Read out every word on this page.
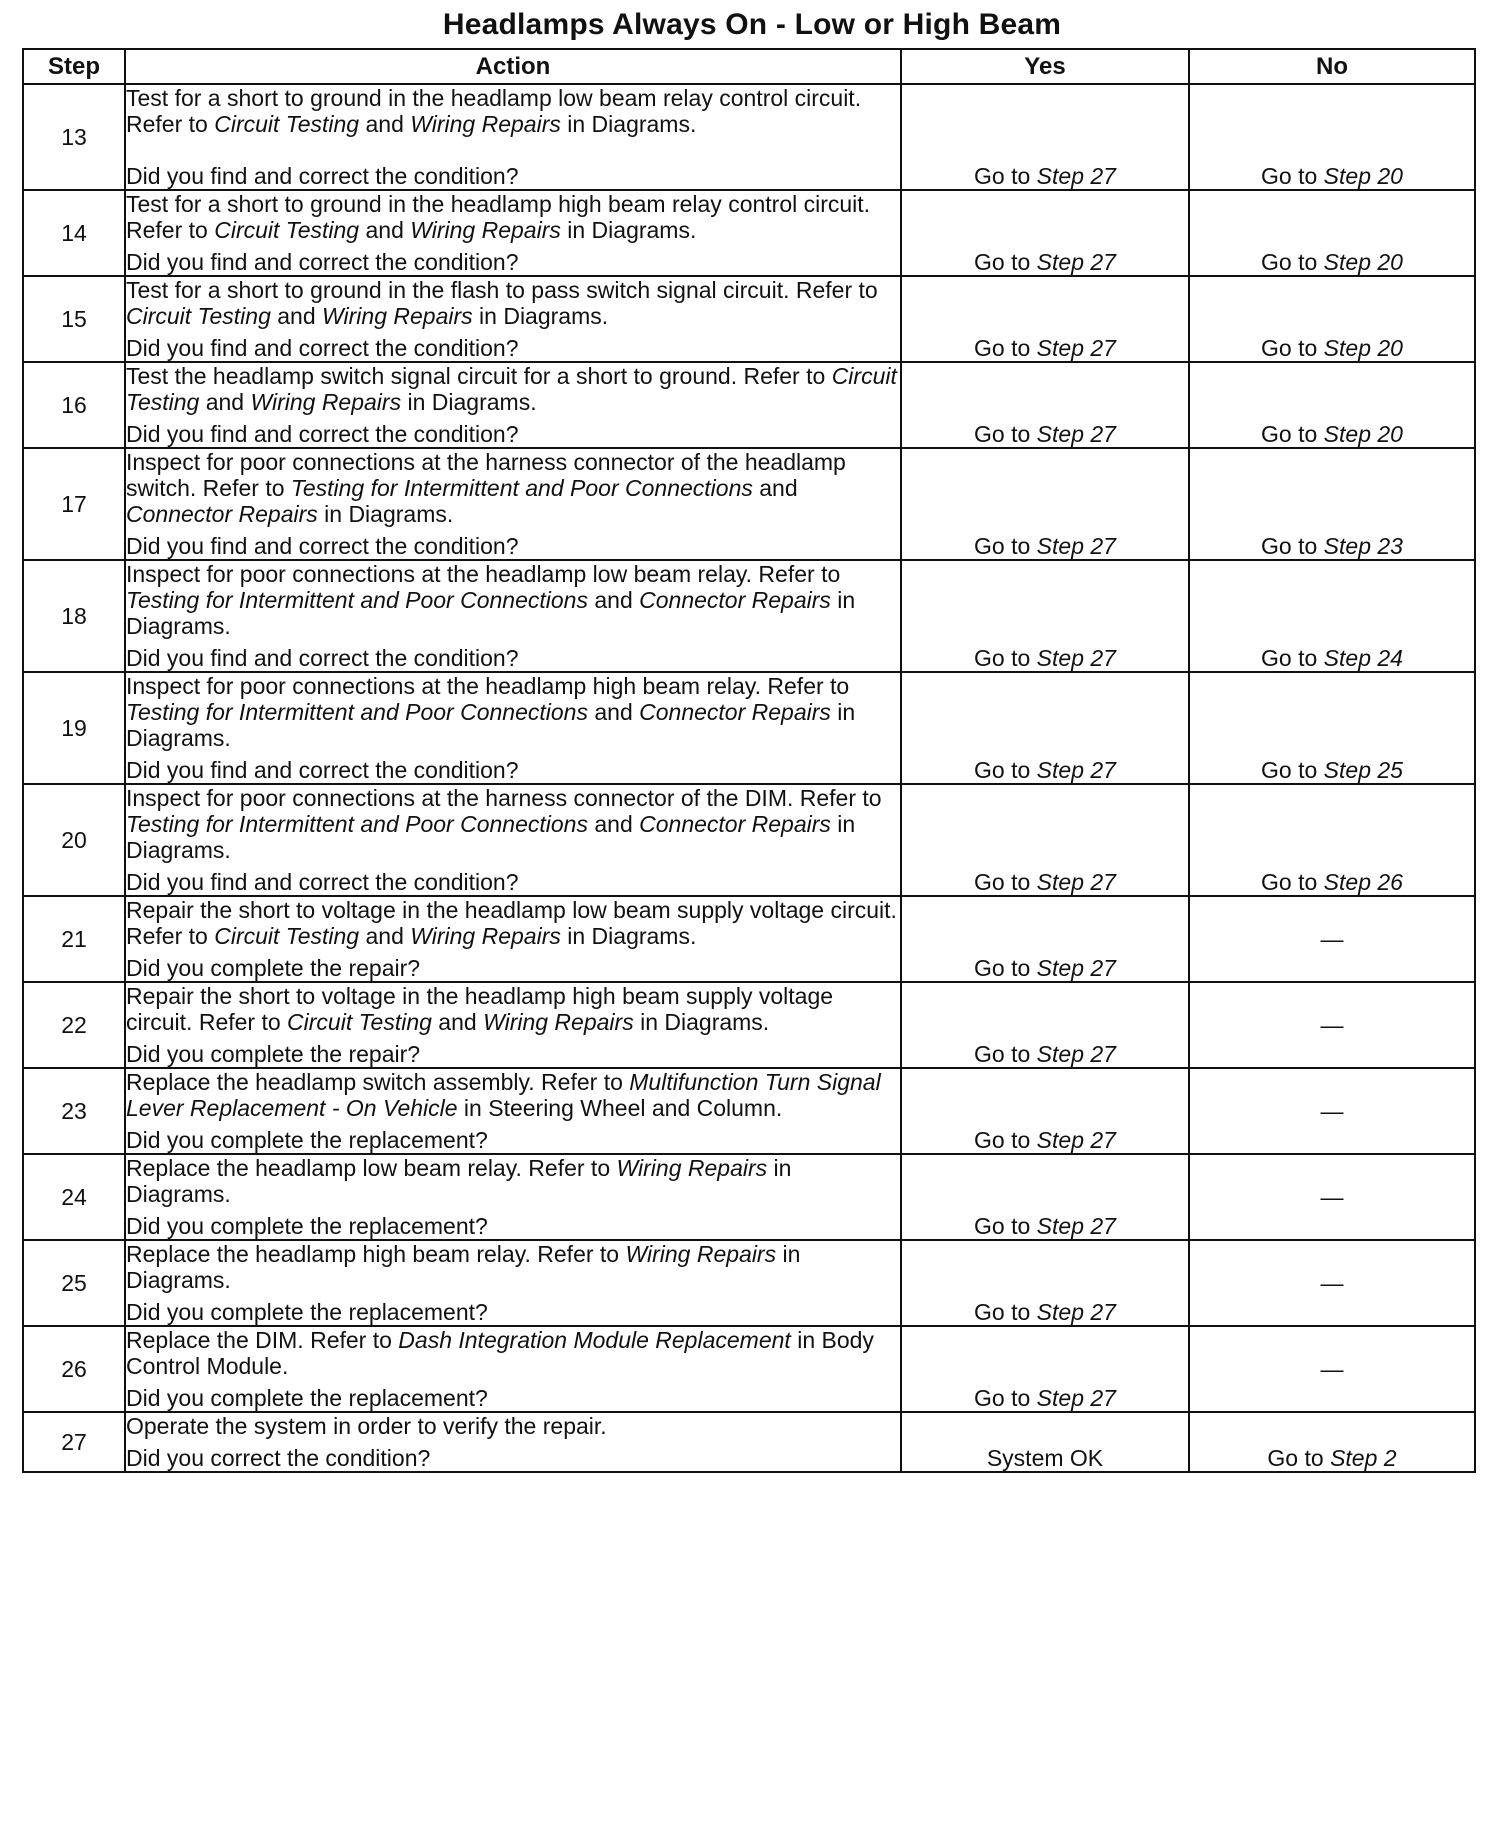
Headlamps Always On - Low or High Beam
Step	Action	Yes	No
13	Test for a short to ground in the headlamp low beam relay control circuit. Refer to Circuit Testing and Wiring Repairs in Diagrams.
Did you find and correct the condition?	Go to Step 27	Go to Step 20
14	Test for a short to ground in the headlamp high beam relay control circuit. Refer to Circuit Testing and Wiring Repairs in Diagrams.
Did you find and correct the condition?	Go to Step 27	Go to Step 20
15	Test for a short to ground in the flash to pass switch signal circuit. Refer to Circuit Testing and Wiring Repairs in Diagrams.
Did you find and correct the condition?	Go to Step 27	Go to Step 20
16	Test the headlamp switch signal circuit for a short to ground. Refer to Circuit Testing and Wiring Repairs in Diagrams.
Did you find and correct the condition?	Go to Step 27	Go to Step 20
17	Inspect for poor connections at the harness connector of the headlamp switch. Refer to Testing for Intermittent and Poor Connections and Connector Repairs in Diagrams.
Did you find and correct the condition?	Go to Step 27	Go to Step 23
18	Inspect for poor connections at the headlamp low beam relay. Refer to Testing for Intermittent and Poor Connections and Connector Repairs in Diagrams.
Did you find and correct the condition?	Go to Step 27	Go to Step 24
19	Inspect for poor connections at the headlamp high beam relay. Refer to Testing for Intermittent and Poor Connections and Connector Repairs in Diagrams.
Did you find and correct the condition?	Go to Step 27	Go to Step 25
20	Inspect for poor connections at the harness connector of the DIM. Refer to Testing for Intermittent and Poor Connections and Connector Repairs in Diagrams.
Did you find and correct the condition?	Go to Step 27	Go to Step 26
21	Repair the short to voltage in the headlamp low beam supply voltage circuit. Refer to Circuit Testing and Wiring Repairs in Diagrams.
Did you complete the repair?	Go to Step 27	—
22	Repair the short to voltage in the headlamp high beam supply voltage circuit. Refer to Circuit Testing and Wiring Repairs in Diagrams.
Did you complete the repair?	Go to Step 27	—
23	Replace the headlamp switch assembly. Refer to Multifunction Turn Signal Lever Replacement - On Vehicle in Steering Wheel and Column.
Did you complete the replacement?	Go to Step 27	—
24	Replace the headlamp low beam relay. Refer to Wiring Repairs in Diagrams.
Did you complete the replacement?	Go to Step 27	—
25	Replace the headlamp high beam relay. Refer to Wiring Repairs in Diagrams.
Did you complete the replacement?	Go to Step 27	—
26	Replace the DIM. Refer to Dash Integration Module Replacement in Body Control Module.
Did you complete the replacement?	Go to Step 27	—
27	Operate the system in order to verify the repair.
Did you correct the condition?	System OK	Go to Step 2
